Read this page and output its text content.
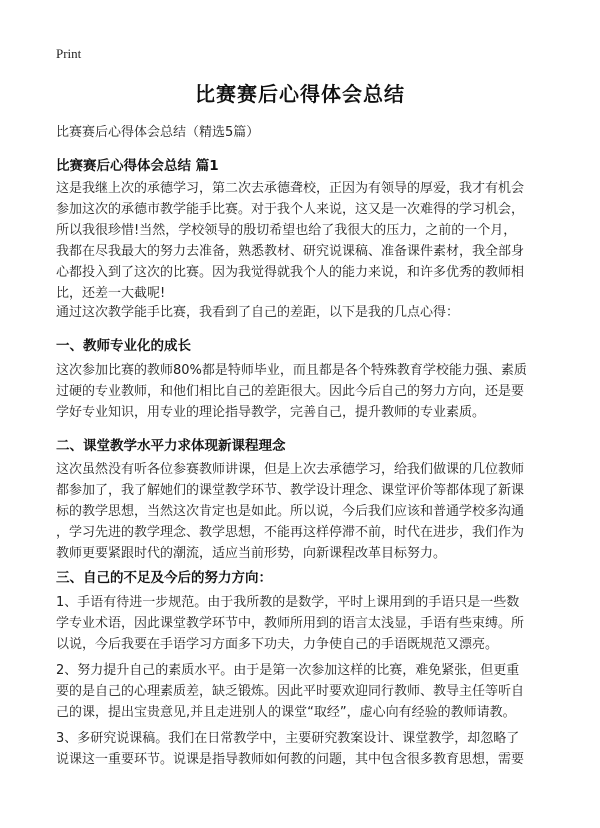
Print
比赛赛后心得体会总结
比赛赛后心得体会总结（精选5篇）
比赛赛后心得体会总结 篇1
这是我继上次的承德学习，第二次去承德聋校，正因为有领导的厚爱，我才有机会
参加这次的承德市教学能手比赛。对于我个人来说，这又是一次难得的学习机会，
所以我很珍惜!当然，学校领导的殷切希望也给了我很大的压力，之前的一个月，
我都在尽我最大的努力去准备，熟悉教材、研究说课稿、准备课件素材，我全部身
心都投入到了这次的比赛。因为我觉得就我个人的能力来说，和许多优秀的教师相
比，还差一大截呢!
通过这次教学能手比赛，我看到了自己的差距，以下是我的几点心得：
一、教师专业化的成长
这次参加比赛的教师80%都是特师毕业，而且都是各个特殊教育学校能力强、素质
过硬的专业教师，和他们相比自己的差距很大。因此今后自己的努力方向，还是要
学好专业知识，用专业的理论指导教学，完善自己，提升教师的专业素质。
二、课堂教学水平力求体现新课程理念
这次虽然没有听各位参赛教师讲课，但是上次去承德学习，给我们做课的几位教师
都参加了，我了解她们的课堂教学环节、教学设计理念、课堂评价等都体现了新课
标的教学思想，当然这次肯定也是如此。所以说，今后我们应该和普通学校多沟通
，学习先进的教学理念、教学思想，不能再这样停滞不前，时代在进步，我们作为
教师更要紧跟时代的潮流，适应当前形势，向新课程改革目标努力。
三、自己的不足及今后的努力方向：
1、手语有待进一步规范。由于我所教的是数学，平时上课用到的手语只是一些数
学专业术语，因此课堂教学环节中，教师所用到的语言太浅显，手语有些束缚。所
以说，今后我要在手语学习方面多下功夫，力争使自己的手语既规范又漂亮。
2、努力提升自己的素质水平。由于是第一次参加这样的比赛，难免紧张，但更重
要的是自己的心理素质差，缺乏锻炼。因此平时要欢迎同行教师、教导主任等听自
己的课，提出宝贵意见,并且走进别人的课堂“取经”，虚心向有经验的教师请教。
3、多研究说课稿。我们在日常教学中，主要研究教案设计、课堂教学，却忽略了
说课这一重要环节。说课是指导教师如何教的问题，其中包含很多教育思想，需要
